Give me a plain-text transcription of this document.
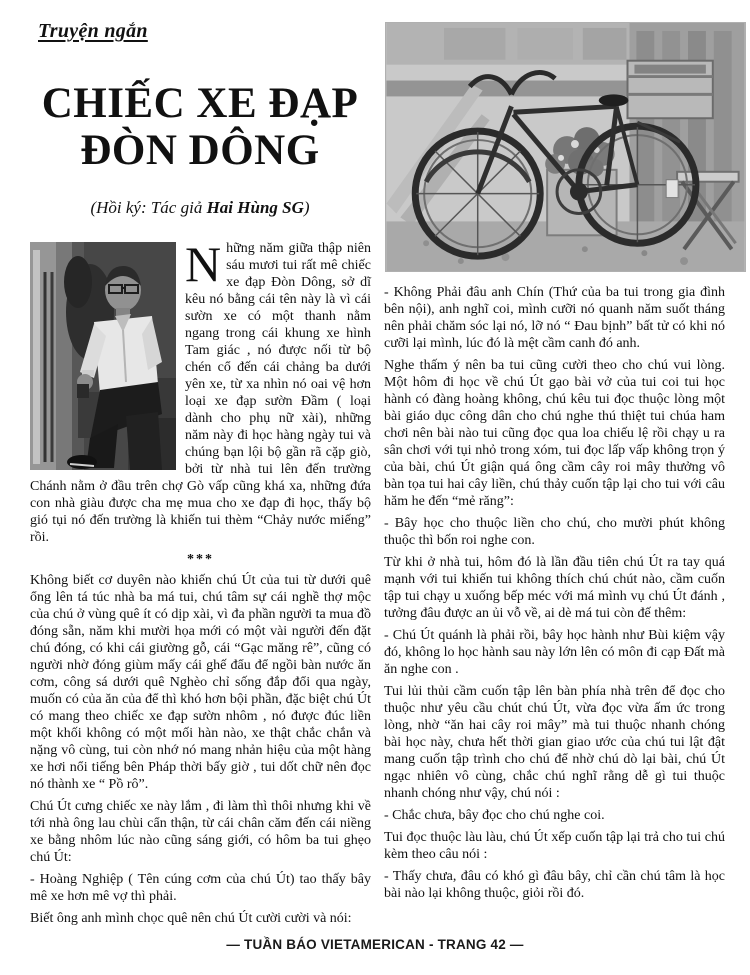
Truyện ngắn
CHIẾC XE ĐẠP
ĐÒN DÔNG
(Hồi ký: Tác giả Hai Hùng SG)

Những năm giữa thập niên sáu mươi tui rất mê chiếc xe đạp Đòn Dông, sở dĩ kêu nó bằng cái tên này là vì cái sườn xe có một thanh nằm ngang trong cái khung xe hình Tam giác , nó được nối từ bộ chén cổ đến cái chảng ba dưới yên xe, từ xa nhìn nó oai vệ hơn loại xe đạp sườn Đầm ( loại dành cho phụ nữ xài), những năm này đi học hàng ngày tui và chúng bạn lội bộ gần rã cặp giò, bởi từ nhà tui lên đến trường Chánh nằm ở đầu trên chợ Gò vấp cũng khá xa, những đứa con nhà giàu được cha mẹ mua cho xe đạp đi học, thấy bộ gió tụi nó đến trường là khiến tui thèm “Chảy nước miếng” rồi.

***

Không biết cơ duyên nào khiến chú Út của tui từ dưới quê ổng lên tá túc nhà ba má tui, chú tâm sự cái nghề thợ mộc của chú ở vùng quê ít có dịp xài, vì đa phần người ta mua đồ đóng sẵn, năm khi mười họa mới có một vài người đến đặt chú đóng, có khi cái giường gỗ, cái “Gạc măng rê”, cũng có người nhờ đóng giùm mấy cái ghế đẩu để ngồi bàn nước ăn cơm, công sá dưới quê Nghèo chỉ sống đắp đổi qua ngày, muốn có của ăn của để thì khó hơn bội phần, đặc biệt chú Út có mang theo chiếc xe đạp sườn nhôm , nó được đúc liền một khối không có một mối hàn nào, xe thật chắc chắn và nặng vô cùng, tui còn nhớ nó mang nhản hiệu của một hàng xe hơi nổi tiếng bên Pháp thời bấy giờ , tui dốt chữ nên đọc nó thành xe “ Pồ rô”.

Chú Út cưng chiếc xe này lắm , đi làm thì thôi nhưng khi về tới nhà ông lau chùi cẩn thận, từ cái chân căm đến cái niềng xe bằng nhôm lúc nào cũng sáng giới, có hôm ba tui ghẹo chú Út:

- Hoàng Nghiệp ( Tên cúng cơm của chú Út) tao thấy bây mê xe hơn mê vợ thì phải.

Biết ông anh mình chọc quê nên chú Út cười cười và nói:

- Không Phải đâu anh Chín (Thứ của ba tui trong gia đình bên nội), anh nghĩ coi, mình cưỡi nó quanh năm suốt tháng nên phải chăm sóc lại nó, lỡ nó “ Đau bịnh” bất tử có khi nó cưỡi lại mình, lúc đó là mệt cầm canh đó anh.

Nghe thấm ý nên ba tui cũng cười theo cho chú vui lòng. Một hôm đi học về chú Út gạo bài vở của tui coi tui học hành có đàng hoàng không, chú kêu tui đọc thuộc lòng một bài giáo dục công dân cho chú nghe thú thiệt tui chúa ham chơi nên bài nào tui cũng đọc qua loa chiếu lệ rồi chạy u ra sân chơi với tụi nhỏ trong xóm, tui đọc lấp vấp không trọn ý của bài, chú Út giận quá ông cầm cây roi mây thưởng vô bàn tọa tui hai cây liền, chú thảy cuốn tập lại cho tui với câu hăm he đến “mẻ răng”:

- Bây học cho thuộc liền cho chú, cho mười phút không thuộc thì bốn roi nghe con.

Từ khi ở nhà tui, hôm đó là lần đầu tiên chú Út ra tay quá mạnh với tui khiến tui không thích chú chút nào, cầm cuốn tập tui chạy u xuống bếp méc với má mình vụ chú Út đánh , tưởng đâu được an ủi vỗ về, ai dè má tui còn đế thêm:

- Chú Út quánh là phải rồi, bây học hành như Bùi kiệm vậy đó, không lo học hành sau này lớn lên có môn đi cạp Đất mà ăn nghe con .

Tui lủi thủi cầm cuốn tập lên bàn phía nhà trên để đọc cho thuộc như yêu cầu chút chú Út, vừa đọc vừa ấm ức trong lòng, nhờ “ăn hai cây roi mây” mà tui thuộc nhanh chóng bài học này, chưa hết thời gian giao ước của chú tui lật đật mang cuốn tập trình cho chú để nhờ chú dò lại bài, chú Út ngạc nhiên vô cùng, chắc chú nghĩ rằng dễ gì tui thuộc nhanh chóng như vậy, chú nói :

- Chắc chưa, bây đọc cho chú nghe coi.

Tui đọc thuộc làu làu, chú Út xếp cuốn tập lại trả cho tui chú kèm theo câu nói :

- Thấy chưa, đâu có khó gì đâu bây, chỉ cần chú tâm là học bài nào lại không thuộc, giỏi rồi đó.

— TUẦN BÁO VIETAMERICAN - TRANG 42 —
